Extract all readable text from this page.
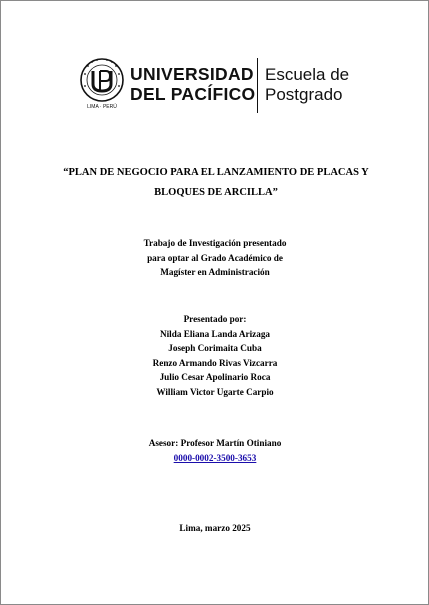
LIMA · PERÚ
UNIVERSIDAD
DEL PACÍFICO
Escuela de
Postgrado
“PLAN DE NEGOCIO PARA EL LANZAMIENTO DE PLACAS Y
BLOQUES DE ARCILLA”
Trabajo de Investigación presentado
para optar al Grado Académico de
Magíster en Administración
Presentado por:
Nilda Eliana Landa Arizaga
Joseph Corimaita Cuba
Renzo Armando Rivas Vizcarra
Julio Cesar Apolinario Roca
William Victor Ugarte Carpio
Asesor: Profesor Martín Otiniano
0000-0002-3500-3653
Lima, marzo 2025
